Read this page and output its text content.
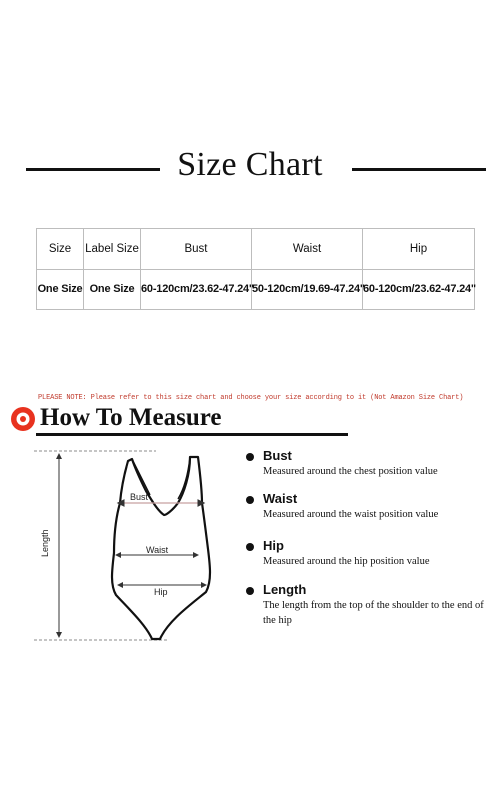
Size Chart
Size	Label Size	Bust	Waist	Hip
One Size	One Size	60-120cm/23.62-47.24"	50-120cm/19.69-47.24"	60-120cm/23.62-47.24"
PLEASE NOTE: Please refer to this size chart and choose your size according to it (Not Amazon Size Chart)
How To Measure
Length
Bust
Waist
Hip
Bust
Measured around the chest position value
Waist
Measured around the waist position value
Hip
Measured around the hip position value
Length
The length from the top of the shoulder to the end of the hip
